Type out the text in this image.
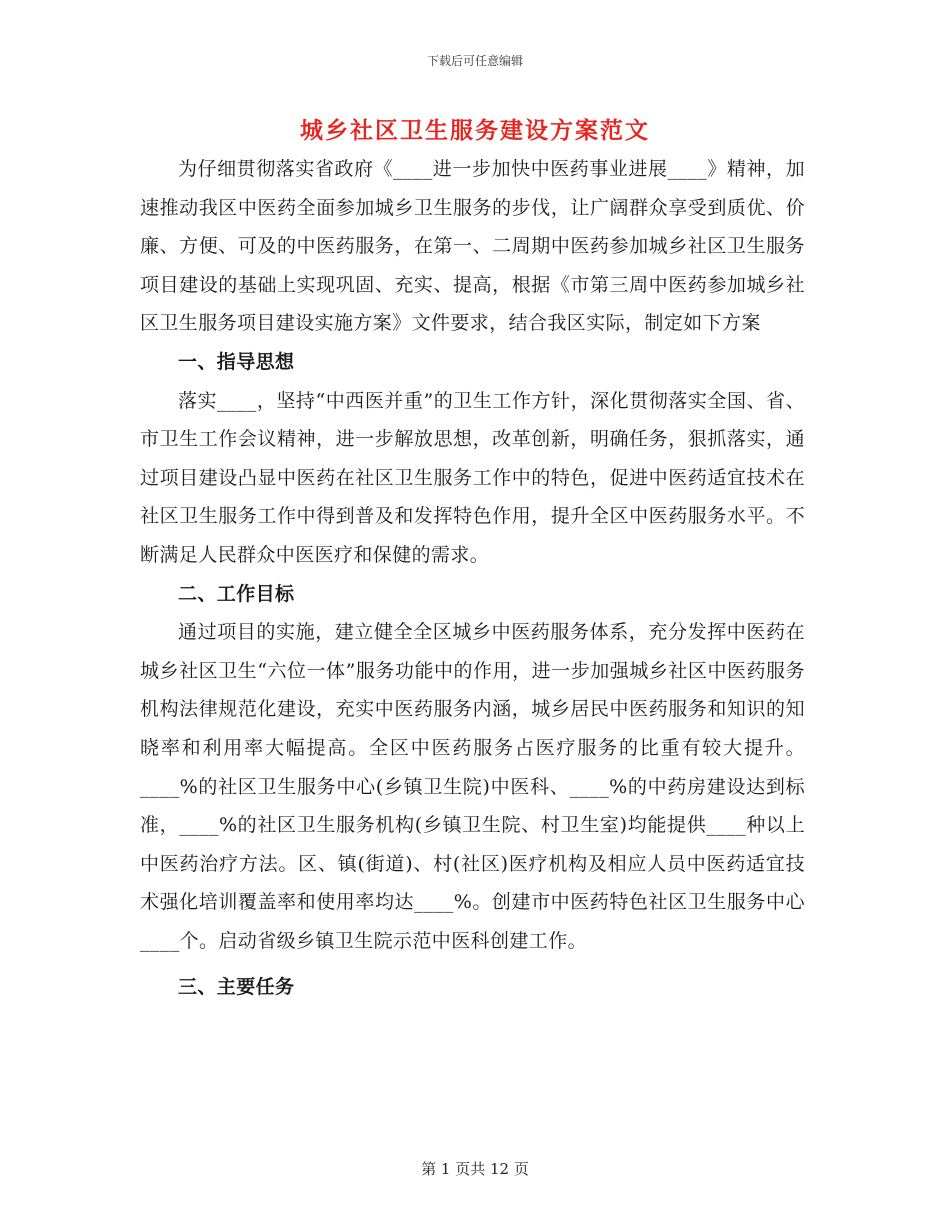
下载后可任意编辑
城乡社区卫生服务建设方案范文

为仔细贯彻落实省政府《____进一步加快中医药事业进展____》精神，加速推动我区中医药全面参加城乡卫生服务的步伐，让广阔群众享受到质优、价廉、方便、可及的中医药服务，在第一、二周期中医药参加城乡社区卫生服务项目建设的基础上实现巩固、充实、提高，根据《市第三周中医药参加城乡社区卫生服务项目建设实施方案》文件要求，结合我区实际，制定如下方案

一、指导思想

落实____，坚持“中西医并重”的卫生工作方针，深化贯彻落实全国、省、市卫生工作会议精神，进一步解放思想，改革创新，明确任务，狠抓落实，通过项目建设凸显中医药在社区卫生服务工作中的特色，促进中医药适宜技术在社区卫生服务工作中得到普及和发挥特色作用，提升全区中医药服务水平。不断满足人民群众中医医疗和保健的需求。

二、工作目标

通过项目的实施，建立健全全区城乡中医药服务体系，充分发挥中医药在城乡社区卫生“六位一体”服务功能中的作用，进一步加强城乡社区中医药服务机构法律规范化建设，充实中医药服务内涵，城乡居民中医药服务和知识的知晓率和利用率大幅提高。全区中医药服务占医疗服务的比重有较大提升。____%的社区卫生服务中心(乡镇卫生院)中医科、____%的中药房建设达到标准，____%的社区卫生服务机构(乡镇卫生院、村卫生室)均能提供____种以上中医药治疗方法。区、镇(街道)、村(社区)医疗机构及相应人员中医药适宜技术强化培训覆盖率和使用率均达____%。创建市中医药特色社区卫生服务中心____个。启动省级乡镇卫生院示范中医科创建工作。

三、主要任务
第 1 页共 12 页
